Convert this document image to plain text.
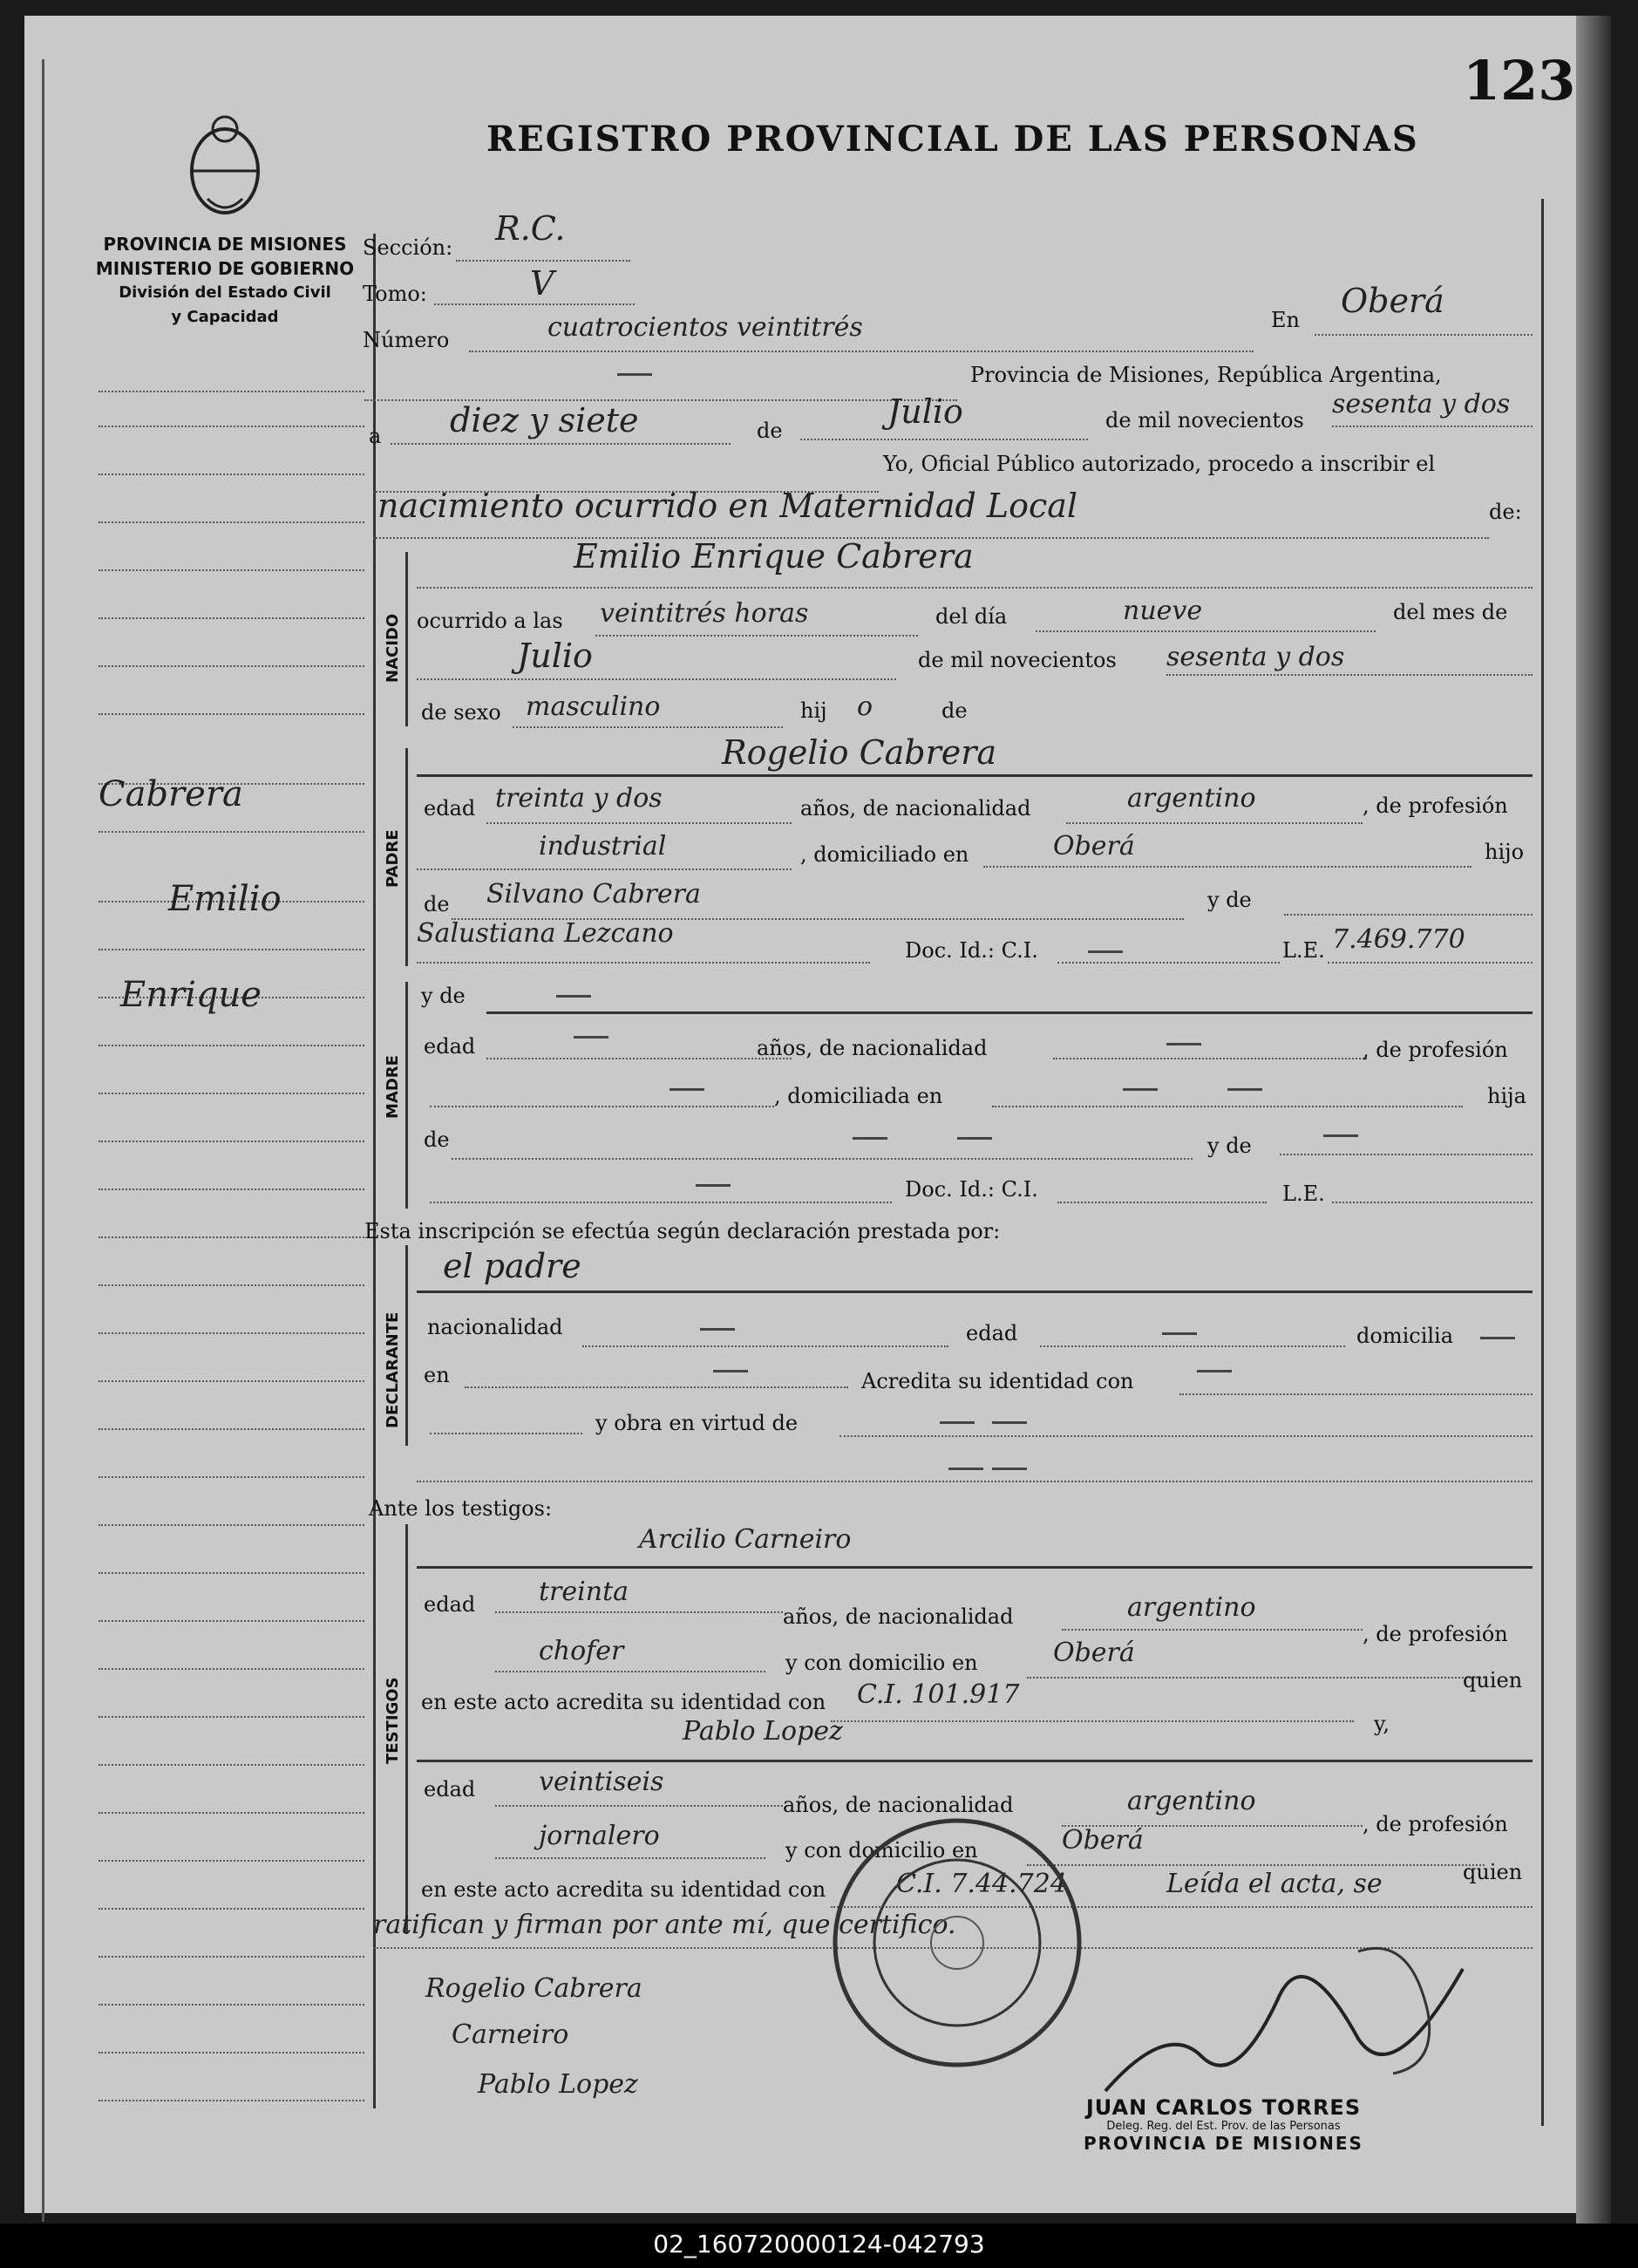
123
REGISTRO PROVINCIAL DE LAS PERSONAS
PROVINCIA DE MISIONES
MINISTERIO DE GOBIERNO
División del Estado Civil
y Capacidad
Cabrera
Emilio
Enrique
Sección: R.C.
Tomo:	V
Número	cuatrocientos veintitrés	En Oberá
Provincia de Misiones, República Argentina,
a diez y siete	de	Julio	de mil novecientos
sesenta y dos
Yo, Oficial Público autorizado, procedo a inscribir el
nacimiento ocurrido en Maternidad Local	de:
NACIDO
Emilio Enrique Cabrera
ocurrido a las veintitrés horas	del día	nueve	del mes de
Julio	de mil novecientos sesenta y dos
de sexo masculino	hij o	de
PADRE
Rogelio Cabrera
edad treinta y dos	años, de nacionalidad	argentino	, de profesión
industrial	, domiciliado en	Oberá	hijo
de Silvano Cabrera	y de
Salustiana Lezcano
Doc. Id.: C.I.	L.E. 7.469.770
MADRE
y de
edad	años, de nacionalidad	, de profesión
, domiciliada en	hija
de	y de
Doc. Id.: C.I.	L.E.
Esta inscripción se efectúa según declaración prestada por:
DECLARANTE
el padre
nacionalidad	edad	domicilia
en	Acredita su identidad con
y obra en virtud de
Ante los testigos:
TESTIGOS
Arcilio Carneiro
edad treinta
años, de nacionalidad	argentino
, de profesión
chofer	y con domicilio en	Oberá
quien
en este acto acredita su identidad con C.I. 101.917
y,
Pablo Lopez
edad veintiseis
años, de nacionalidad	argentino
, de profesión
jornalero	y con domicilio en	Oberá
quien
en este acto acredita su identidad con	C.I. 7.44.724	Leída el acta, se
ratifican y firman por ante mí, que certifico.
Rogelio Cabrera
Carneiro
Pablo Lopez
JUAN CARLOS TORRES
Deleg. Reg. del Est. Prov. de las Personas
PROVINCIA DE MISIONES
02_160720000124-042793
